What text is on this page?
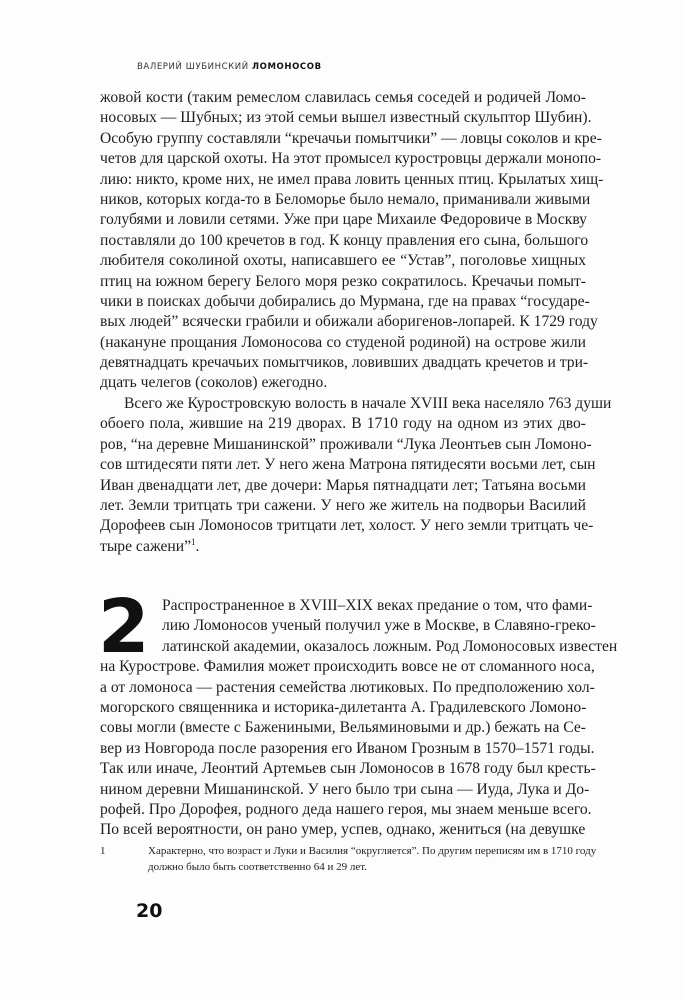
ВАЛЕРИЙ ШУБИНСКИЙ ЛОМОНОСОВ
жовой кости (таким ремеслом славилась семья соседей и родичей Ломо-
носовых — Шубных; из этой семьи вышел известный скульптор Шубин).
Особую группу составляли “кречачьи помытчики” — ловцы соколов и кре-
четов для царской охоты. На этот промысел куростровцы держали монопо-
лию: никто, кроме них, не имел права ловить ценных птиц. Крылатых хищ-
ников, которых когда-то в Беломорье было немало, приманивали живыми
голубями и ловили сетями. Уже при царе Михаиле Федоровиче в Москву
поставляли до 100 кречетов в год. К концу правления его сына, большого
любителя соколиной охоты, написавшего ее “Устав”, поголовье хищных
птиц на южном берегу Белого моря резко сократилось. Кречачьи помыт-
чики в поисках добычи добирались до Мурмана, где на правах “государе-
вых людей” всячески грабили и обижали аборигенов-лопарей. К 1729 году
(накануне прощания Ломоносова со студеной родиной) на острове жили
девятнадцать кречачьих помытчиков, ловивших двадцать кречетов и три-
дцать челегов (соколов) ежегодно.
Всего же Куростровскую волость в начале XVIII века населяло 763 души
обоего пола, жившие на 219 дворах. В 1710 году на одном из этих дво-
ров, “на деревне Мишанинской” проживали “Лука Леонтьев сын Ломоно-
сов штидесяти пяти лет. У него жена Матрона пятидесяти восьми лет, сын
Иван двенадцати лет, две дочери: Марья пятнадцати лет; Татьяна восьми
лет. Земли тритцать три сажени. У него же житель на подворьи Василий
Дорофеев сын Ломоносов тритцати лет, холост. У него земли тритцать че-
тыре сажени”$^1$.
2 Распространенное в XVIII–XIX веках предание о том, что фами-
лию Ломоносов ученый получил уже в Москве, в Славяно-греко-
латинской академии, оказалось ложным. Род Ломоносовых известен
на Курострове. Фамилия может происходить вовсе не от сломанного носа,
а от ломоноса — растения семейства лютиковых. По предположению хол-
могорского священника и историка-дилетанта А. Градилевского Ломоно-
совы могли (вместе с Бажениными, Вельяминовыми и др.) бежать на Се-
вер из Новгорода после разорения его Иваном Грозным в 1570–1571 годы.
Так или иначе, Леонтий Артемьев сын Ломоносов в 1678 году был кресть-
нином деревни Мишанинской. У него было три сына — Иуда, Лука и До-
рофей. Про Дорофея, родного деда нашего героя, мы знаем меньше всего.
По всей вероятности, он рано умер, успев, однако, жениться (на девушке
1	Характерно, что возраст и Луки и Василия “округляется”. По другим переписям им в 1710 году
должно было быть соответственно 64 и 29 лет.
20
